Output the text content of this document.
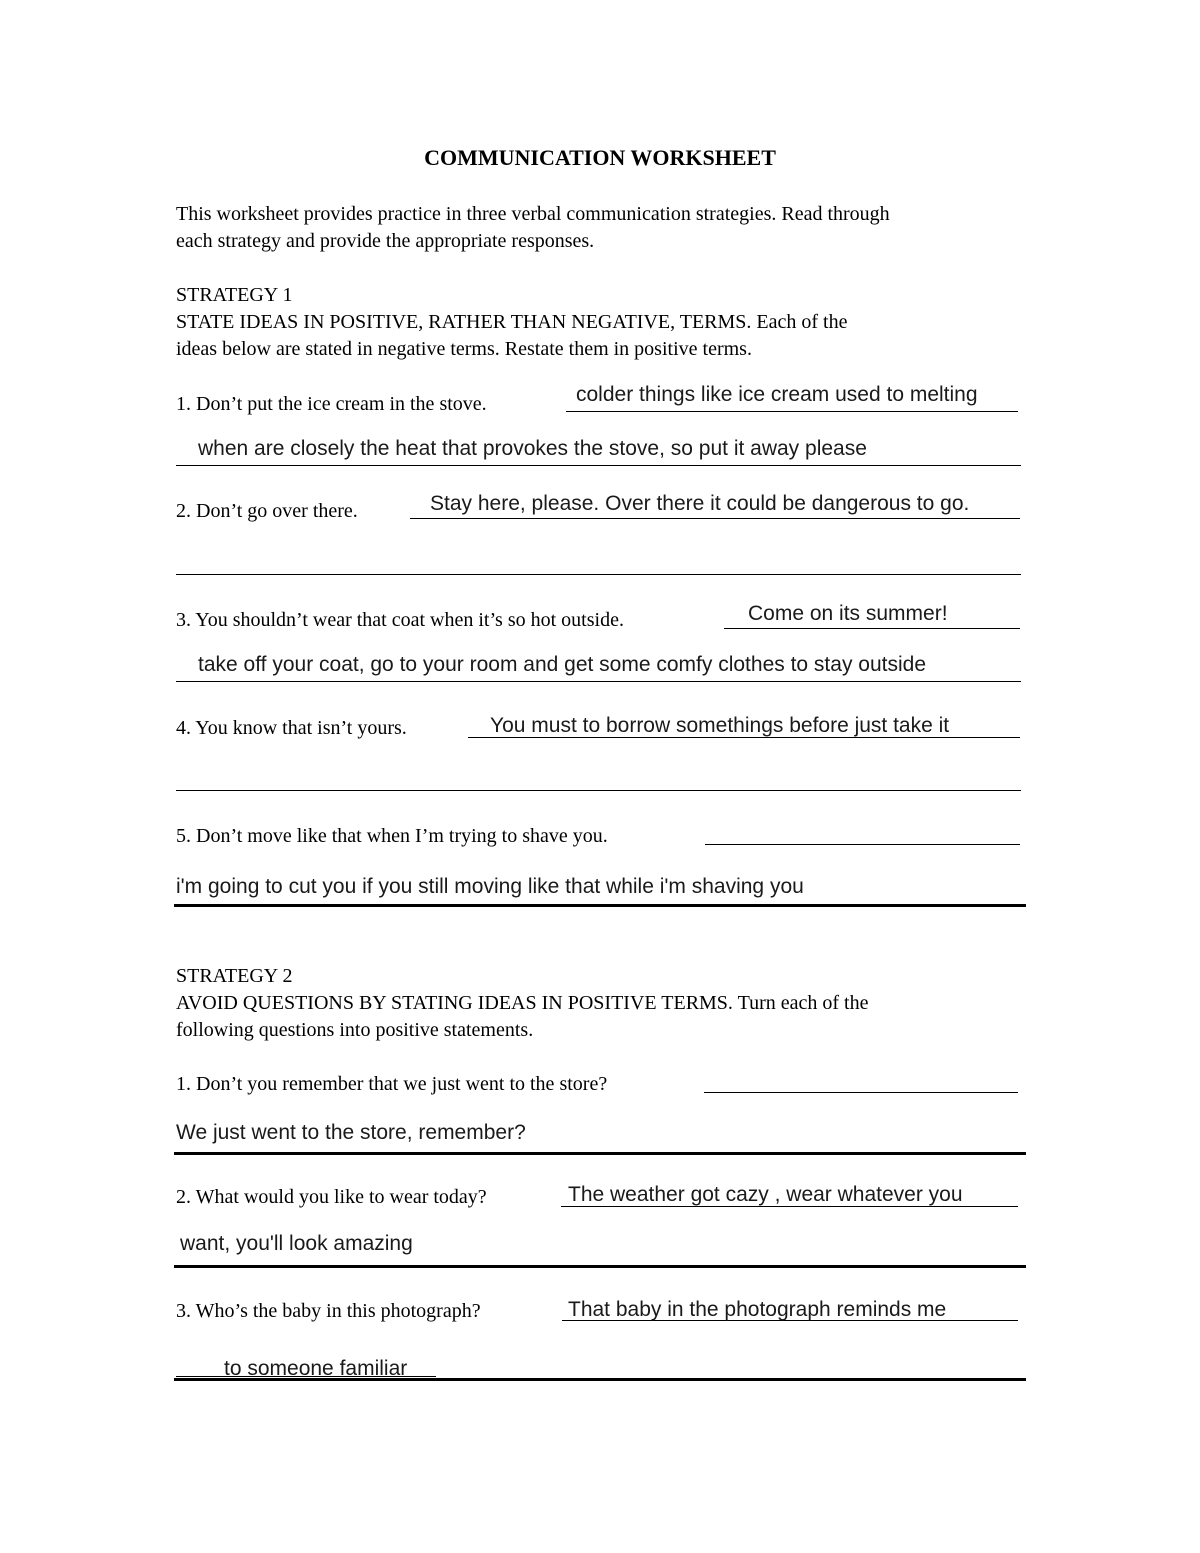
COMMUNICATION WORKSHEET
This worksheet provides practice in three verbal communication strategies. Read through
each strategy and provide the appropriate responses.
STRATEGY 1
STATE IDEAS IN POSITIVE, RATHER THAN NEGATIVE, TERMS. Each of the
ideas below are stated in negative terms. Restate them in positive terms.
1. Don’t put the ice cream in the stove.	colder things like ice cream used to melting
when are closely the heat that provokes the stove, so put it away please
2. Don’t go over there.	Stay here, please. Over there it could be dangerous to go.
3. You shouldn’t wear that coat when it’s so hot outside.	Come on its summer!
take off your coat, go to your room and get some comfy clothes to stay outside
4. You know that isn’t yours.	You must to borrow somethings before just take it
5. Don’t move like that when I’m trying to shave you.
i'm going to cut you if you still moving like that while i'm shaving you
STRATEGY 2
AVOID QUESTIONS BY STATING IDEAS IN POSITIVE TERMS. Turn each of the
following questions into positive statements.
1. Don’t you remember that we just went to the store?
We just went to the store, remember?
2. What would you like to wear today?	The weather got cazy , wear whatever you
want, you'll look amazing
3. Who’s the baby in this photograph?	That baby in the photograph reminds me
to someone familiar
